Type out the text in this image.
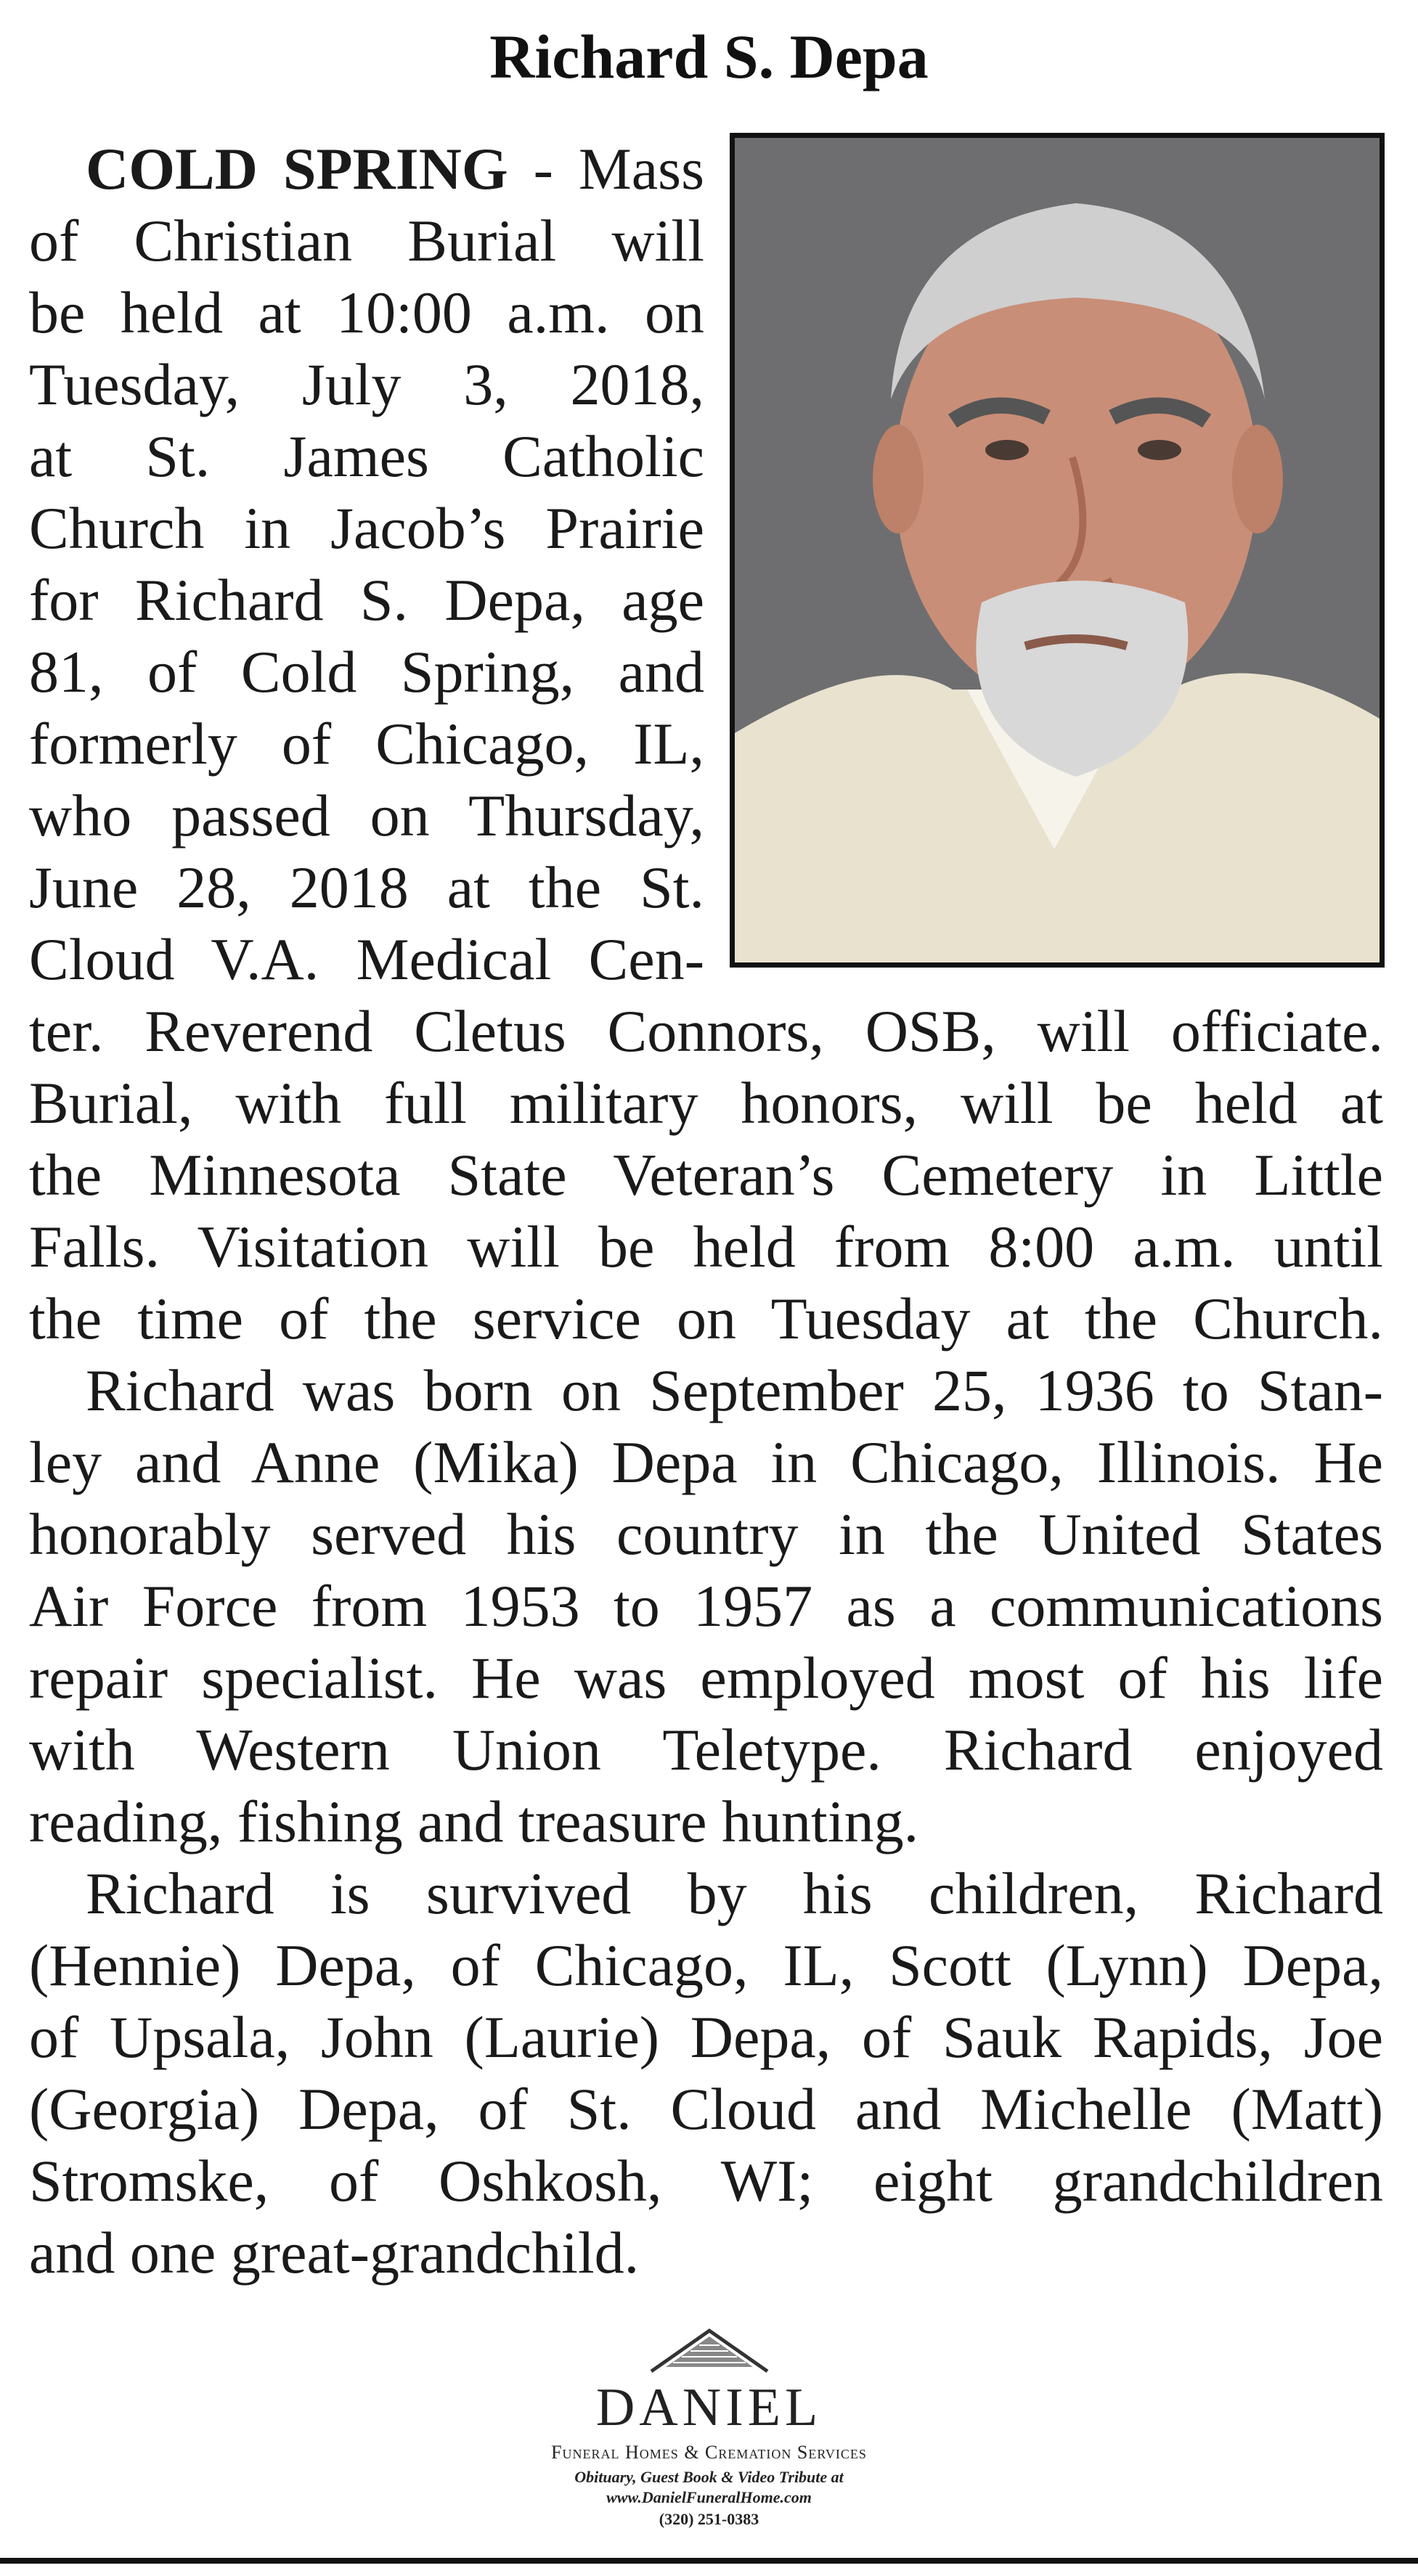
Richard S. Depa
COLD SPRING - Mass
of Christian Burial will
be held at 10:00 a.m. on
Tuesday, July 3, 2018,
at St. James Catholic
Church in Jacob’s Prairie
for Richard S. Depa, age
81, of Cold Spring, and
formerly of Chicago, IL,
who passed on Thursday,
June 28, 2018 at the St.
Cloud V.A. Medical Cen-
ter. Reverend Cletus Connors, OSB, will officiate.
Burial, with full military honors, will be held at
the Minnesota State Veteran’s Cemetery in Little
Falls. Visitation will be held from 8:00 a.m. until
the time of the service on Tuesday at the Church.
Richard was born on September 25, 1936 to Stan-
ley and Anne (Mika) Depa in Chicago, Illinois. He
honorably served his country in the United States
Air Force from 1953 to 1957 as a communications
repair specialist. He was employed most of his life
with Western Union Teletype. Richard enjoyed
reading, fishing and treasure hunting.
Richard is survived by his children, Richard
(Hennie) Depa, of Chicago, IL, Scott (Lynn) Depa,
of Upsala, John (Laurie) Depa, of Sauk Rapids, Joe
(Georgia) Depa, of St. Cloud and Michelle (Matt)
Stromske, of Oshkosh, WI; eight grandchildren
and one great-grandchild.
DANIEL
Funeral Homes & Cremation Services
Obituary, Guest Book & Video Tribute at
www.DanielFuneralHome.com
(320) 251-0383
